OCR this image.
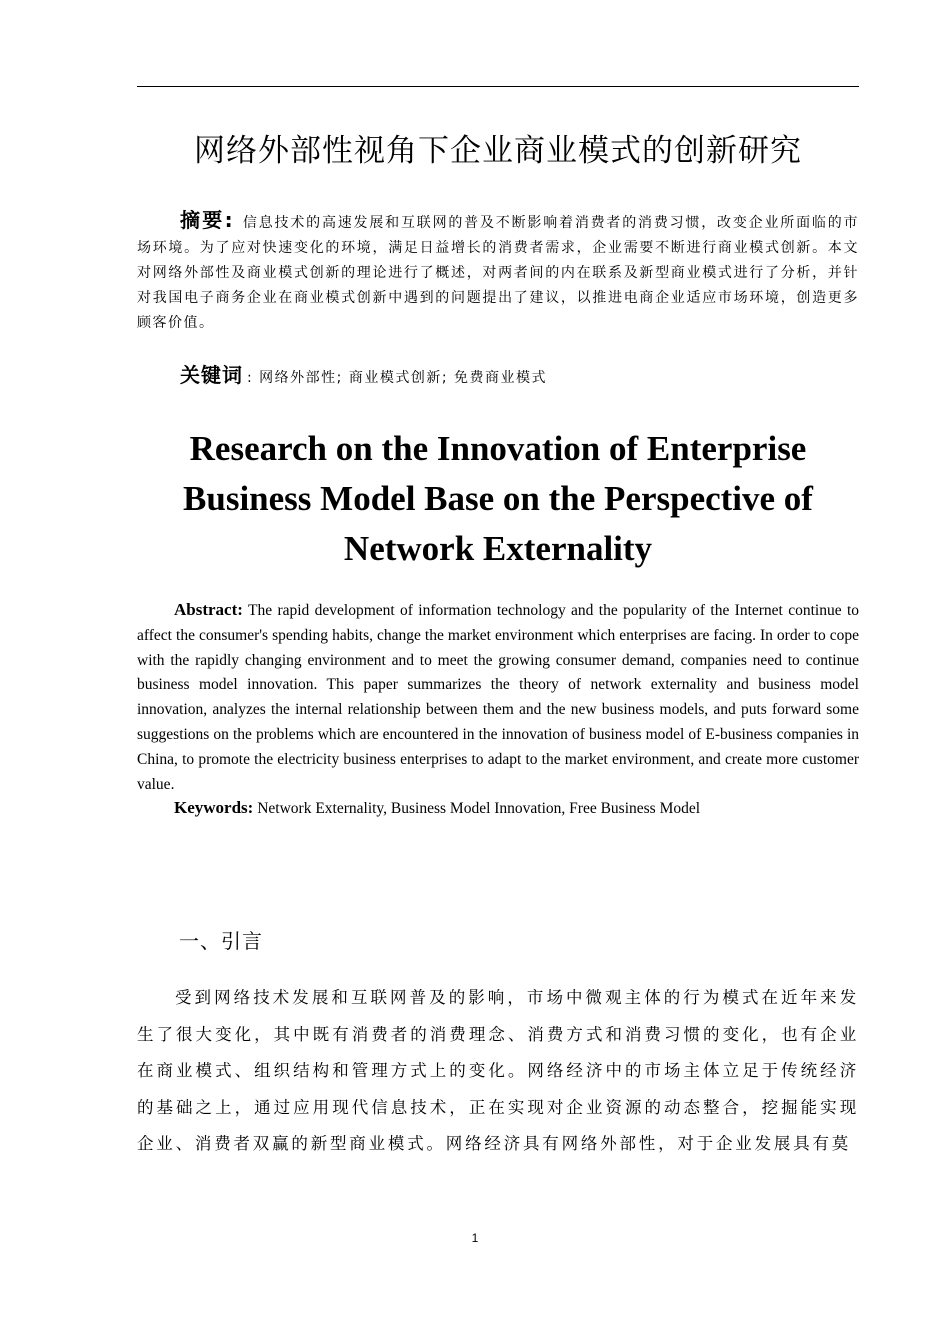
网络外部性视角下企业商业模式的创新研究

摘要: 信息技术的高速发展和互联网的普及不断影响着消费者的消费习惯，改变企业所面临的市场环境。为了应对快速变化的环境，满足日益增长的消费者需求，企业需要不断进行商业模式创新。本文对网络外部性及商业模式创新的理论进行了概述，对两者间的内在联系及新型商业模式进行了分析，并针对我国电子商务企业在商业模式创新中遇到的问题提出了建议，以推进电商企业适应市场环境，创造更多顾客价值。

关键词 : 网络外部性; 商业模式创新; 免费商业模式

Research on the Innovation of Enterprise Business Model Base on the Perspective of Network Externality

Abstract: The rapid development of information technology and the popularity of the Internet continue to affect the consumer's spending habits, change the market environment which enterprises are facing. In order to cope with the rapidly changing environment and to meet the growing consumer demand, companies need to continue business model innovation. This paper summarizes the theory of network externality and business model innovation, analyzes the internal relationship between them and the new business models, and puts forward some suggestions on the problems which are encountered in the innovation of business model of E-business companies in China, to promote the electricity business enterprises to adapt to the market environment, and create more customer value.

Keywords: Network Externality, Business Model Innovation, Free Business Model

一、引言

受到网络技术发展和互联网普及的影响，市场中微观主体的行为模式在近年来发生了很大变化，其中既有消费者的消费理念、消费方式和消费习惯的变化，也有企业在商业模式、组织结构和管理方式上的变化。网络经济中的市场主体立足于传统经济的基础之上，通过应用现代信息技术，正在实现对企业资源的动态整合，挖掘能实现企业、消费者双赢的新型商业模式。网络经济具有网络外部性，对于企业发展具有莫

1
